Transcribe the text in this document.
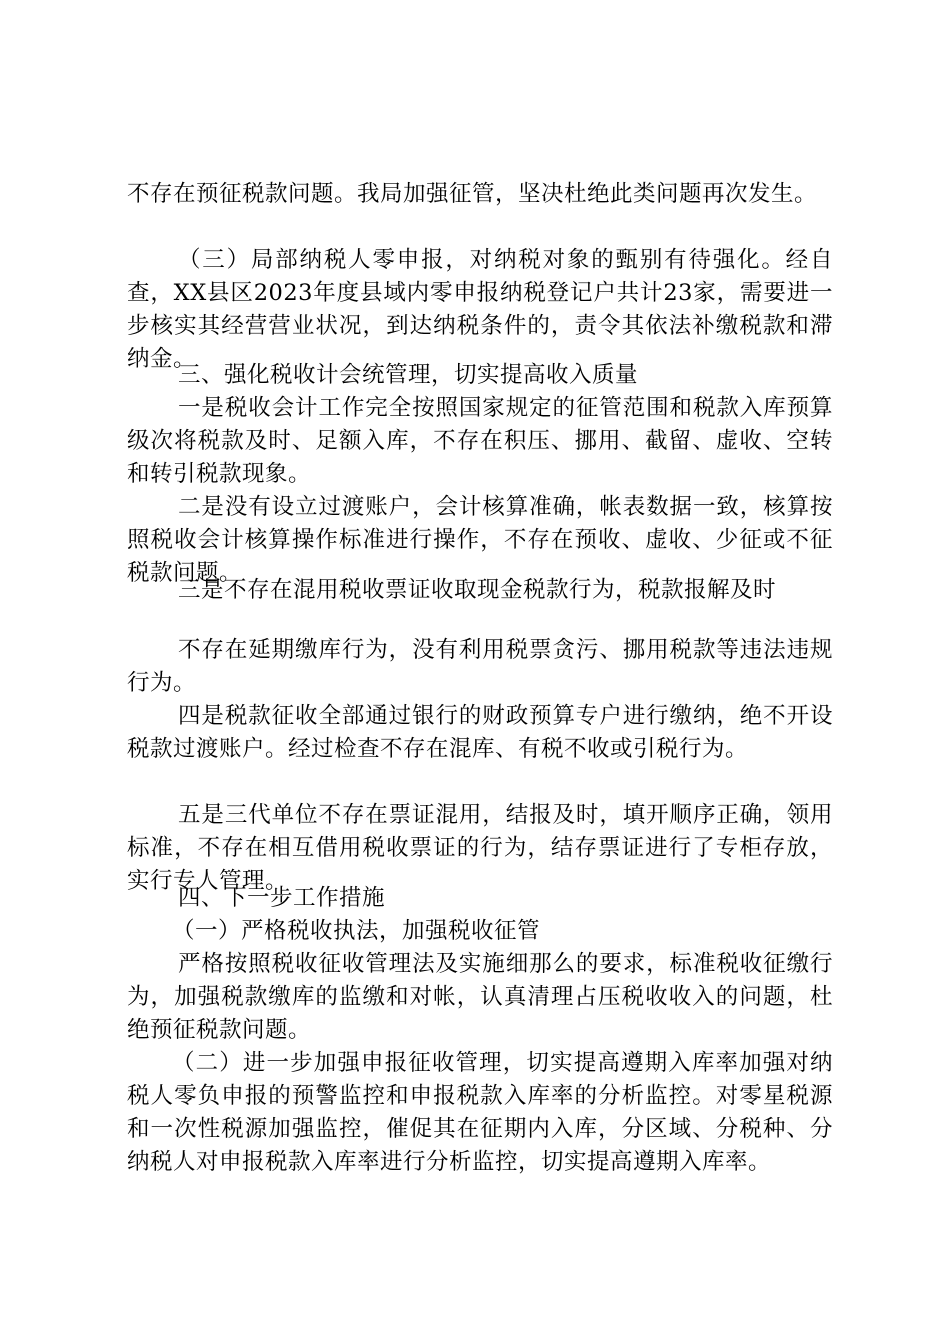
不存在预征税款问题。我局加强征管，坚决杜绝此类问题再次发生。

（三）局部纳税人零申报，对纳税对象的甄别有待强化。经自查，XX县区2023年度县域内零申报纳税登记户共计23家，需要进一步核实其经营营业状况，到达纳税条件的，责令其依法补缴税款和滞纳金。

三、强化税收计会统管理，切实提高收入质量

一是税收会计工作完全按照国家规定的征管范围和税款入库预算级次将税款及时、足额入库，不存在积压、挪用、截留、虚收、空转和转引税款现象。

二是没有设立过渡账户，会计核算准确，帐表数据一致，核算按照税收会计核算操作标准进行操作，不存在预收、虚收、少征或不征税款问题。

三是不存在混用税收票证收取现金税款行为，税款报解及时

不存在延期缴库行为，没有利用税票贪污、挪用税款等违法违规行为。

四是税款征收全部通过银行的财政预算专户进行缴纳，绝不开设税款过渡账户。经过检查不存在混库、有税不收或引税行为。

五是三代单位不存在票证混用，结报及时，填开顺序正确，领用标准，不存在相互借用税收票证的行为，结存票证进行了专柜存放，实行专人管理。

四、下一步工作措施

（一）严格税收执法，加强税收征管

严格按照税收征收管理法及实施细那么的要求，标准税收征缴行为，加强税款缴库的监缴和对帐，认真清理占压税收收入的问题，杜绝预征税款问题。

（二）进一步加强申报征收管理，切实提高遵期入库率加强对纳税人零负申报的预警监控和申报税款入库率的分析监控。对零星税源和一次性税源加强监控，催促其在征期内入库，分区域、分税种、分纳税人对申报税款入库率进行分析监控，切实提高遵期入库率。
